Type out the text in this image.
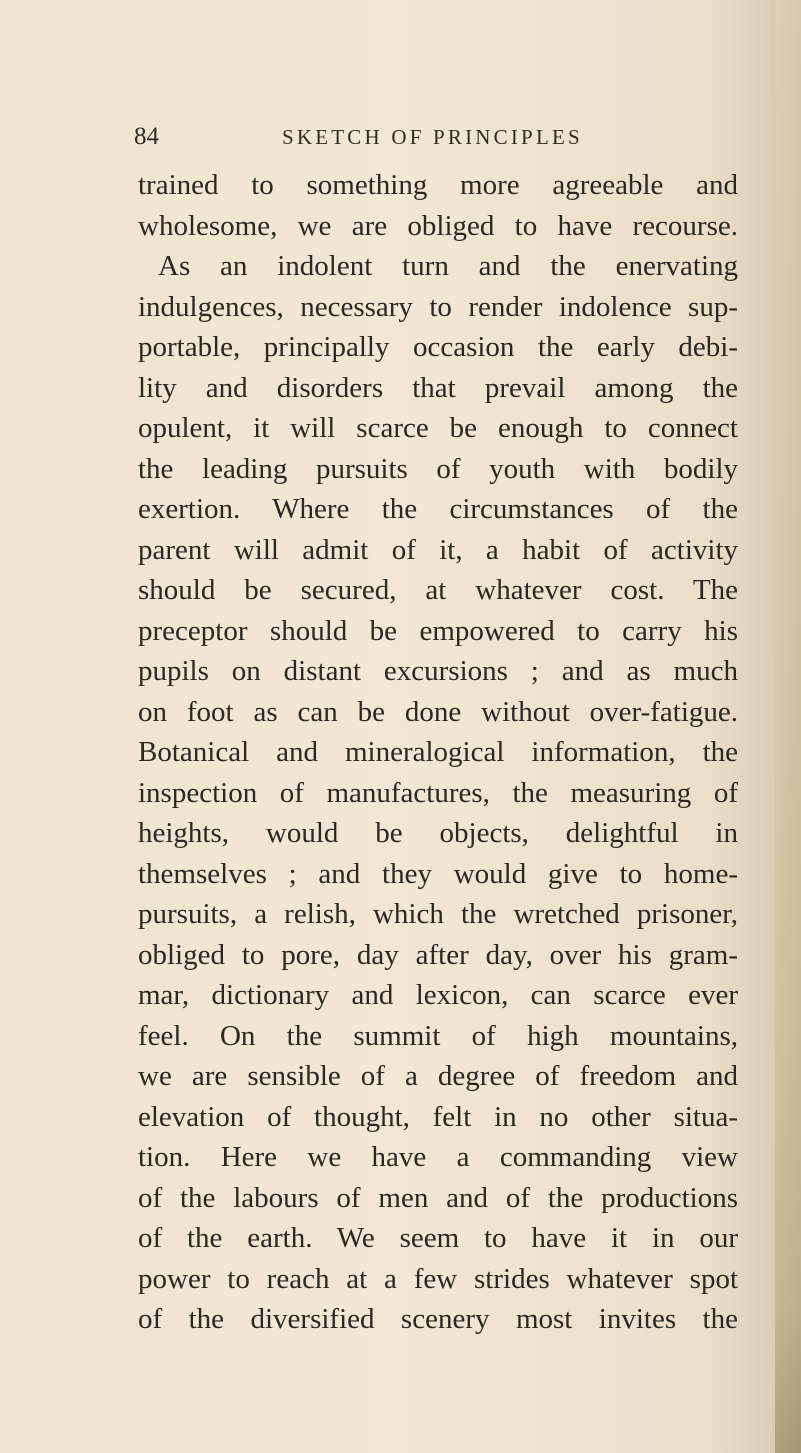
84	SKETCH OF PRINCIPLES
trained to something more agreeable and
wholesome, we are obliged to have recourse.
As an indolent turn and the enervating
indulgences, necessary to render indolence sup-
portable, principally occasion the early debi-
lity and disorders that prevail among the
opulent, it will scarce be enough to connect
the leading pursuits of youth with bodily
exertion. Where the circumstances of the
parent will admit of it, a habit of activity
should be secured, at whatever cost. The
preceptor should be empowered to carry his
pupils on distant excursions ; and as much
on foot as can be done without over-fatigue.
Botanical and mineralogical information, the
inspection of manufactures, the measuring of
heights, would be objects, delightful in
themselves ; and they would give to home-
pursuits, a relish, which the wretched prisoner,
obliged to pore, day after day, over his gram-
mar, dictionary and lexicon, can scarce ever
feel. On the summit of high mountains,
we are sensible of a degree of freedom and
elevation of thought, felt in no other situa-
tion. Here we have a commanding view
of the labours of men and of the productions
of the earth. We seem to have it in our
power to reach at a few strides whatever spot
of the diversified scenery most invites the
